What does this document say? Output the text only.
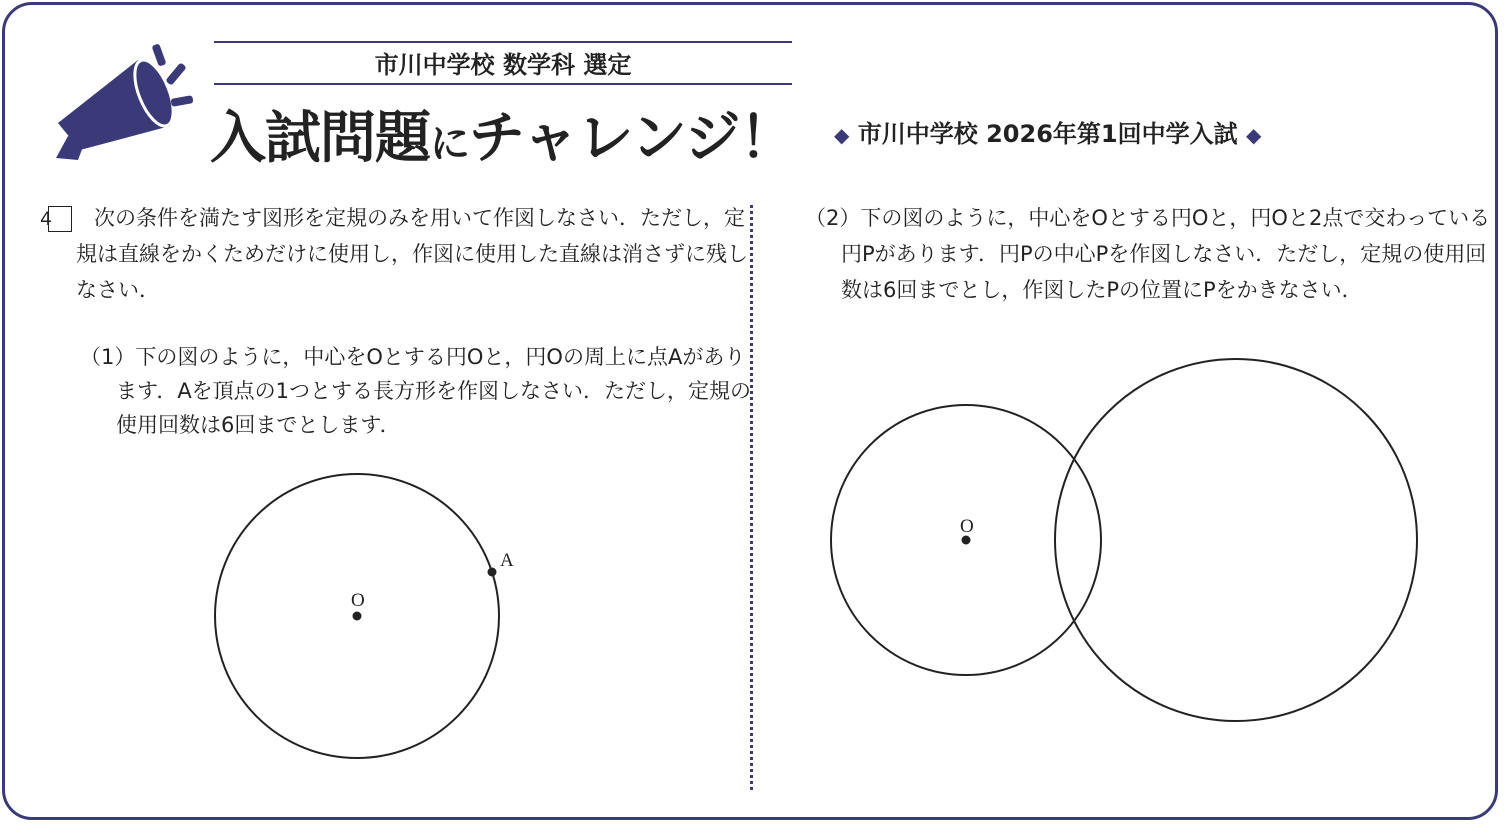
市川中学校 数学科 選定
入試問題にチャレンジ！ ◆ 市川中学校 2026年第1回中学入試 ◆
4 次の条件を満たす図形を定規のみを用いて作図しなさい．ただし，定規は直線をかくためだけに使用し，作図に使用した直線は消さずに残しなさい．
（1）下の図のように，中心をOとする円Oと，円Oの周上に点Aがあります．Aを頂点の1つとする長方形を作図しなさい．ただし，定規の使用回数は6回までとします．
（2）下の図のように，中心をOとする円Oと，円Oと2点で交わっている円Pがあります．円Pの中心Pを作図しなさい．ただし，定規の使用回数は6回までとし，作図したPの位置にPをかきなさい．
O
A
O
